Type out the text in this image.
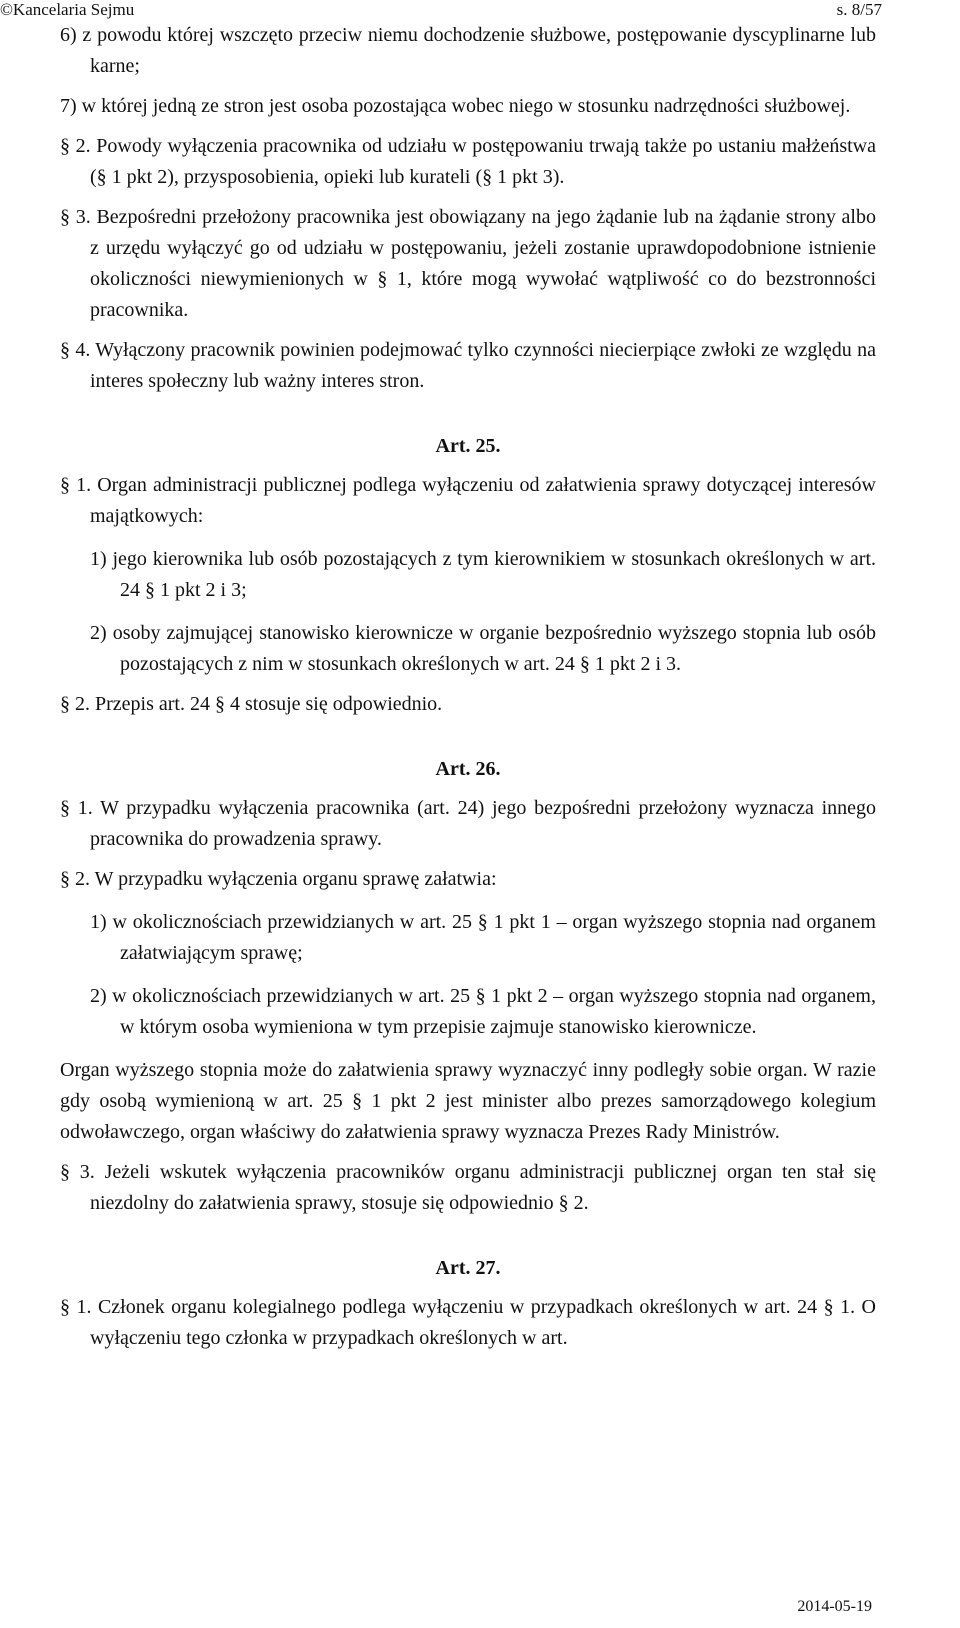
©Kancelaria Sejmu	s. 8/57

6) z powodu której wszczęto przeciw niemu dochodzenie służbowe, postępowanie dyscyplinarne lub karne;

7) w której jedną ze stron jest osoba pozostająca wobec niego w stosunku nadrzędności służbowej.

§ 2. Powody wyłączenia pracownika od udziału w postępowaniu trwają także po ustaniu małżeństwa (§ 1 pkt 2), przysposobienia, opieki lub kurateli (§ 1 pkt 3).

§ 3. Bezpośredni przełożony pracownika jest obowiązany na jego żądanie lub na żądanie strony albo z urzędu wyłączyć go od udziału w postępowaniu, jeżeli zostanie uprawdopodobnione istnienie okoliczności niewymienionych w § 1, które mogą wywołać wątpliwość co do bezstronności pracownika.

§ 4. Wyłączony pracownik powinien podejmować tylko czynności niecierpiące zwłoki ze względu na interes społeczny lub ważny interes stron.

Art. 25.

§ 1. Organ administracji publicznej podlega wyłączeniu od załatwienia sprawy dotyczącej interesów majątkowych:

1) jego kierownika lub osób pozostających z tym kierownikiem w stosunkach określonych w art. 24 § 1 pkt 2 i 3;

2) osoby zajmującej stanowisko kierownicze w organie bezpośrednio wyższego stopnia lub osób pozostających z nim w stosunkach określonych w art. 24 § 1 pkt 2 i 3.

§ 2. Przepis art. 24 § 4 stosuje się odpowiednio.

Art. 26.

§ 1. W przypadku wyłączenia pracownika (art. 24) jego bezpośredni przełożony wyznacza innego pracownika do prowadzenia sprawy.

§ 2. W przypadku wyłączenia organu sprawę załatwia:

1) w okolicznościach przewidzianych w art. 25 § 1 pkt 1 – organ wyższego stopnia nad organem załatwiającym sprawę;

2) w okolicznościach przewidzianych w art. 25 § 1 pkt 2 – organ wyższego stopnia nad organem, w którym osoba wymieniona w tym przepisie zajmuje stanowisko kierownicze.

Organ wyższego stopnia może do załatwienia sprawy wyznaczyć inny podległy sobie organ. W razie gdy osobą wymienioną w art. 25 § 1 pkt 2 jest minister albo prezes samorządowego kolegium odwoławczego, organ właściwy do załatwienia sprawy wyznacza Prezes Rady Ministrów.

§ 3. Jeżeli wskutek wyłączenia pracowników organu administracji publicznej organ ten stał się niezdolny do załatwienia sprawy, stosuje się odpowiednio § 2.

Art. 27.

§ 1. Członek organu kolegialnego podlega wyłączeniu w przypadkach określonych w art. 24 § 1. O wyłączeniu tego członka w przypadkach określonych w art.

2014-05-19
